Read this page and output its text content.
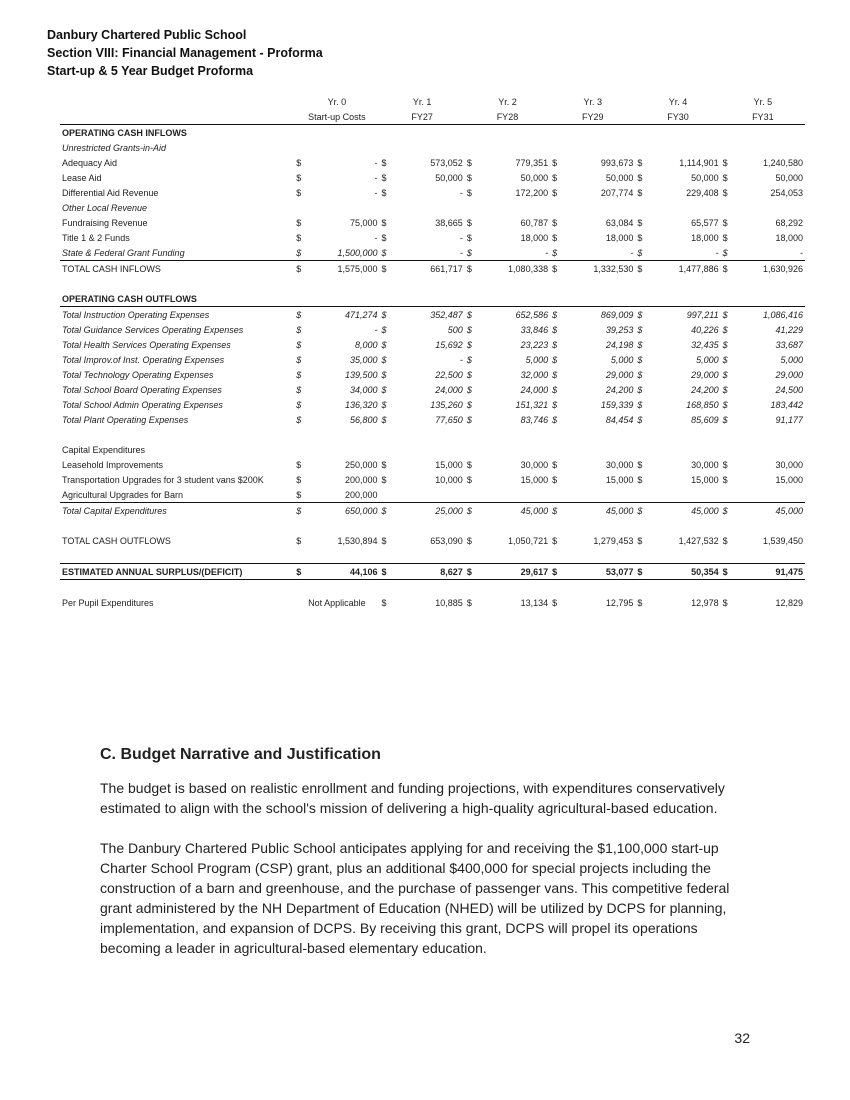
Danbury Chartered Public School
Section VIII: Financial Management - Proforma
Start-up & 5 Year Budget Proforma
	Yr. 0		Yr. 1		Yr. 2		Yr. 3		Yr. 4		Yr. 5	
	Start-up Costs		FY27		FY28		FY29		FY30		FY31	
OPERATING CASH INFLOWS												
Unrestricted Grants-in-Aid												
Adequacy Aid	$	-	$	573,052	$	779,351	$	993,673	$	1,114,901	$	1,240,580
Lease Aid	$	-	$	50,000	$	50,000	$	50,000	$	50,000	$	50,000
Differential Aid Revenue	$	-	$	-	$	172,200	$	207,774	$	229,408	$	254,053
Other Local Revenue												
Fundraising Revenue	$	75,000	$	38,665	$	60,787	$	63,084	$	65,577	$	68,292
Title 1 & 2 Funds	$	-	$	-	$	18,000	$	18,000	$	18,000	$	18,000
State & Federal Grant Funding	$	1,500,000	$	-	$	-	$	-	$	-	$	-
TOTAL CASH INFLOWS	$	1,575,000	$	661,717	$	1,080,338	$	1,332,530	$	1,477,886	$	1,630,926

OPERATING CASH OUTFLOWS												
Total Instruction Operating Expenses	$	471,274	$	352,487	$	652,586	$	869,009	$	997,211	$	1,086,416
Total Guidance Services Operating Expenses	$	-	$	500	$	33,846	$	39,253	$	40,226	$	41,229
Total Health Services Operating Expenses	$	8,000	$	15,692	$	23,223	$	24,198	$	32,435	$	33,687
Total Improv.of Inst. Operating Expenses	$	35,000	$	-	$	5,000	$	5,000	$	5,000	$	5,000
Total Technology Operating Expenses	$	139,500	$	22,500	$	32,000	$	29,000	$	29,000	$	29,000
Total School Board Operating Expenses	$	34,000	$	24,000	$	24,000	$	24,200	$	24,200	$	24,500
Total School Admin Operating Expenses	$	136,320	$	135,260	$	151,321	$	159,339	$	168,850	$	183,442
Total Plant Operating Expenses	$	56,800	$	77,650	$	83,746	$	84,454	$	85,609	$	91,177

Capital Expenditures												
Leasehold Improvements	$	250,000	$	15,000	$	30,000	$	30,000	$	30,000	$	30,000
Transportation Upgrades for 3 student vans $200K	$	200,000	$	10,000	$	15,000	$	15,000	$	15,000	$	15,000
Agricultural Upgrades for Barn	$	200,000										
Total Capital Expenditures	$	650,000	$	25,000	$	45,000	$	45,000	$	45,000	$	45,000

TOTAL CASH OUTFLOWS	$	1,530,894	$	653,090	$	1,050,721	$	1,279,453	$	1,427,532	$	1,539,450

ESTIMATED ANNUAL SURPLUS/(DEFICIT)	$	44,106	$	8,627	$	29,617	$	53,077	$	50,354	$	91,475

Per Pupil Expenditures	Not Applicable		$	10,885	$	13,134	$	12,795	$	12,978	$	12,829
C. Budget Narrative and Justification

The budget is based on realistic enrollment and funding projections, with expenditures conservatively estimated to align with the school's mission of delivering a high-quality agricultural-based education.

The Danbury Chartered Public School anticipates applying for and receiving the $1,100,000 start-up Charter School Program (CSP) grant, plus an additional $400,000 for special projects including the construction of a barn and greenhouse, and the purchase of passenger vans. This competitive federal grant administered by the NH Department of Education (NHED) will be utilized by DCPS for planning, implementation, and expansion of DCPS. By receiving this grant, DCPS will propel its operations becoming a leader in agricultural-based elementary education.

32
